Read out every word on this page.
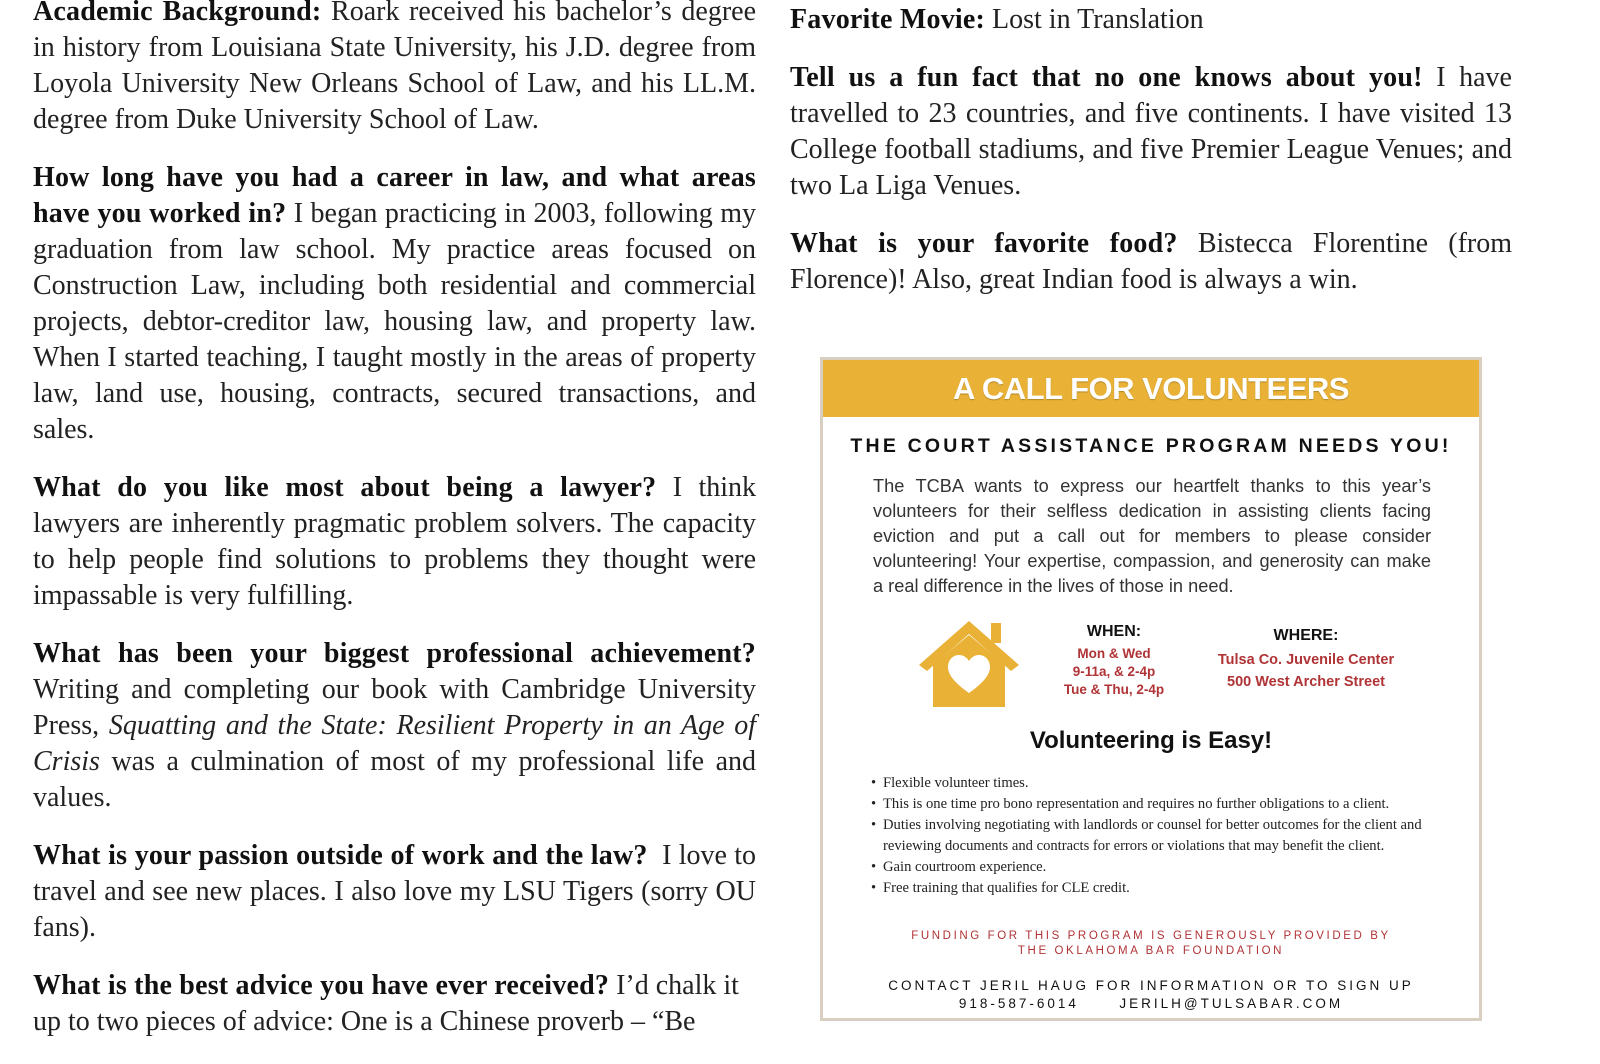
Academic Background: Roark received his bachelor’s degree in history from Louisiana State University, his J.D. degree from Loyola University New Orleans School of Law, and his LL.M. degree from Duke University School of Law.

How long have you had a career in law, and what areas have you worked in? I began practicing in 2003, following my graduation from law school. My practice areas focused on Construction Law, including both residential and commercial projects, debtor-creditor law, housing law, and property law. When I started teaching, I taught mostly in the areas of property law, land use, housing, contracts, secured transactions, and sales.

What do you like most about being a lawyer? I think lawyers are inherently pragmatic problem solvers. The capacity to help people find solutions to problems they thought were impassable is very fulfilling.

What has been your biggest professional achievement? Writing and completing our book with Cambridge University Press, Squatting and the State: Resilient Property in an Age of Crisis was a culmination of most of my professional life and values.

What is your passion outside of work and the law? I love to travel and see new places. I also love my LSU Tigers (sorry OU fans).

What is the best advice you have ever received? I’d chalk it up to two pieces of advice: One is a Chinese proverb – “Be

Favorite Movie: Lost in Translation

Tell us a fun fact that no one knows about you! I have travelled to 23 countries, and five continents. I have visited 13 College football stadiums, and five Premier League Venues; and two La Liga Venues.

What is your favorite food? Bistecca Florentine (from Florence)! Also, great Indian food is always a win.

A CALL FOR VOLUNTEERS
THE COURT ASSISTANCE PROGRAM NEEDS YOU!
The TCBA wants to express our heartfelt thanks to this year’s volunteers for their selfless dedication in assisting clients facing eviction and put a call out for members to please consider volunteering! Your expertise, compassion, and generosity can make a real difference in the lives of those in need.
WHEN:
Mon & Wed
9-11a, & 2-4p
Tue & Thu, 2-4p
WHERE:
Tulsa Co. Juvenile Center
500 West Archer Street
Volunteering is Easy!
• Flexible volunteer times.
• This is one time pro bono representation and requires no further obligations to a client.
• Duties involving negotiating with landlords or counsel for better outcomes for the client and reviewing documents and contracts for errors or violations that may benefit the client.
• Gain courtroom experience.
• Free training that qualifies for CLE credit.
FUNDING FOR THIS PROGRAM IS GENEROUSLY PROVIDED BY
THE OKLAHOMA BAR FOUNDATION
CONTACT JERIL HAUG FOR INFORMATION OR TO SIGN UP
918-587-6014      JERILH@TULSABAR.COM
